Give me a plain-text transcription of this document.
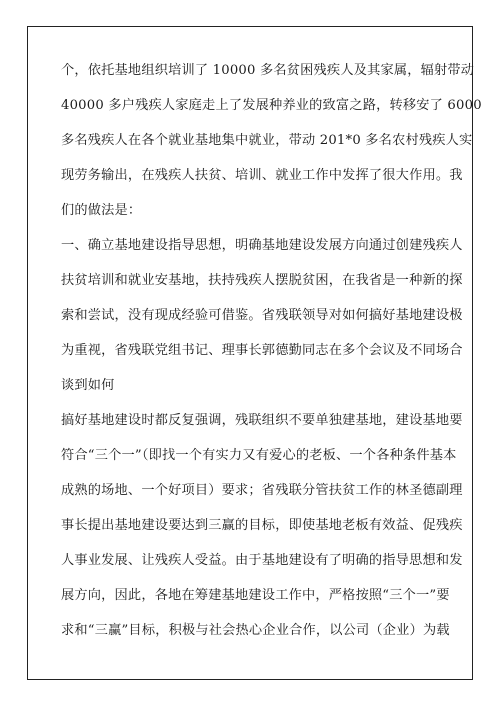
个，依托基地组织培训了 10000 多名贫困残疾人及其家属，辐射带动
40000 多户残疾人家庭走上了发展种养业的致富之路，转移安了 6000
多名残疾人在各个就业基地集中就业，带动 201*0 多名农村残疾人实
现劳务输出，在残疾人扶贫、培训、就业工作中发挥了很大作用。我
们的做法是：
一、确立基地建设指导思想，明确基地建设发展方向通过创建残疾人
扶贫培训和就业安基地，扶持残疾人摆脱贫困，在我省是一种新的探
索和尝试，没有现成经验可借鉴。省残联领导对如何搞好基地建设极
为重视，省残联党组书记、理事长郭德勤同志在多个会议及不同场合
谈到如何
搞好基地建设时都反复强调，残联组织不要单独建基地，建设基地要
符合“三个一”（即找一个有实力又有爱心的老板、一个各种条件基本
成熟的场地、一个好项目）要求；省残联分管扶贫工作的林圣德副理
事长提出基地建设要达到三赢的目标，即使基地老板有效益、促残疾
人事业发展、让残疾人受益。由于基地建设有了明确的指导思想和发
展方向，因此，各地在筹建基地建设工作中，严格按照“三个一”要
求和“三赢”目标，积极与社会热心企业合作，以公司（企业）为载
